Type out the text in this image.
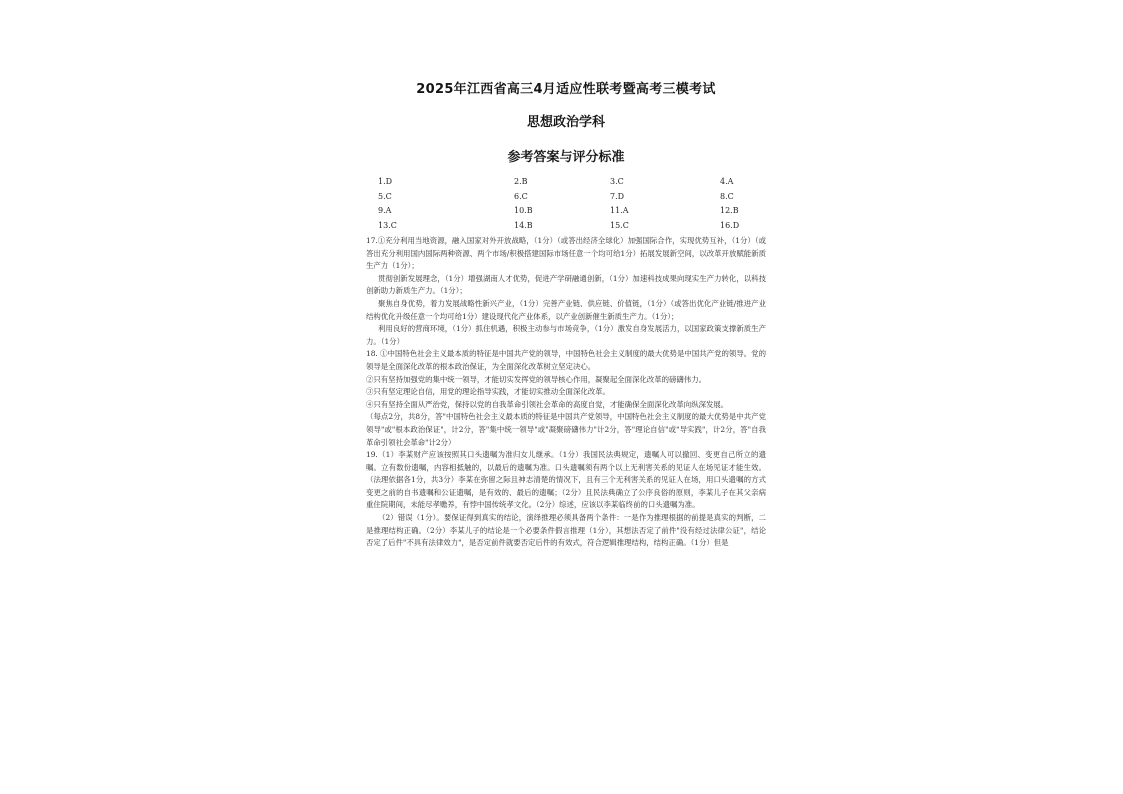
2025年江西省高三4月适应性联考暨高考三模考试
思想政治学科
参考答案与评分标准
1.D	2.B	3.C	4.A
5.C	6.C	7.D	8.C
9.A	10.B	11.A	12.B
13.C	14.B	15.C	16.D

17.①充分利用当地资源，融入国家对外开放战略，（1分）（或答出经济全球化）加强国际合作，实现优势互补，（1分）（或答出充分利用国内国际两种资源、两个市场/积极搭建国际市场任意一个均可给1分）拓展发展新空间，以改革开放赋能新质生产力（1分）；

贯彻创新发展理念，（1分）增强湖南人才优势，促进产学研融通创新，（1分）加速科技成果向现实生产力转化，以科技创新助力新质生产力。（1分）；

聚焦自身优势，着力发展战略性新兴产业，（1分）完善产业链、供应链、价值链，（1分）（或答出优化产业链/推进产业结构优化升级任意一个均可给1分）建设现代化产业体系，以产业创新催生新质生产力。（1分）；

利用良好的营商环境，（1分）抓住机遇，积极主动参与市场竞争，（1分）激发自身发展活力，以国家政策支撑新质生产力。（1分）

18. ①中国特色社会主义最本质的特征是中国共产党的领导，中国特色社会主义制度的最大优势是中国共产党的领导。党的领导是全面深化改革的根本政治保证，为全面深化改革树立坚定决心。

②只有坚持加强党的集中统一领导，才能切实发挥党的领导核心作用，凝聚起全面深化改革的磅礴伟力。

③只有坚定理论自信，用党的理论指导实践，才能切实推动全面深化改革。

④只有坚持全面从严治党，保持以党的自我革命引领社会革命的高度自觉，才能确保全面深化改革向纵深发展。

（每点2分，共8分，答"中国特色社会主义最本质的特征是中国共产党领导，中国特色社会主义制度的最大优势是中共产党领导"或"根本政治保证"，计2分，答"集中统一领导"或"凝聚磅礴伟力"计2分，答"理论自信"或"导实践"，计2分，答"自我革命引领社会革命"计2分）

19.（1）李某财产应该按照其口头遗嘱为准归女儿继承。（1分）我国民法典规定，遗嘱人可以撤回、变更自己所立的遗嘱。立有数份遗嘱，内容相抵触的，以最后的遗嘱为准。口头遗嘱须有两个以上无利害关系的见证人在场见证才能生效。（法理依据各1分，共3分）李某在弥留之际且神志清楚的情况下，且有三个无利害关系的见证人在场，用口头遗嘱的方式变更之前的自书遗嘱和公证遗嘱，是有效的、最后的遗嘱；（2分）且民法典确立了公序良俗的原则，李某儿子在其父亲病重住院期间，未能尽孝赡养，有悖中国传统孝文化。（2分）综述，应该以李某临终前的口头遗嘱为准。

（2）错误（1分）。要保证得到真实的结论，演绎推理必须具备两个条件：一是作为推理根据的前提是真实的判断，二是推理结构正确。（2分）李某儿子的结论是一个必要条件假言推理（1分），其想法否定了前件"没有经过法律公证"，结论否定了后件"不具有法律效力"，是否定前件就要否定后件的有效式，符合逻辑推理结构，结构正确。（1分）但是
